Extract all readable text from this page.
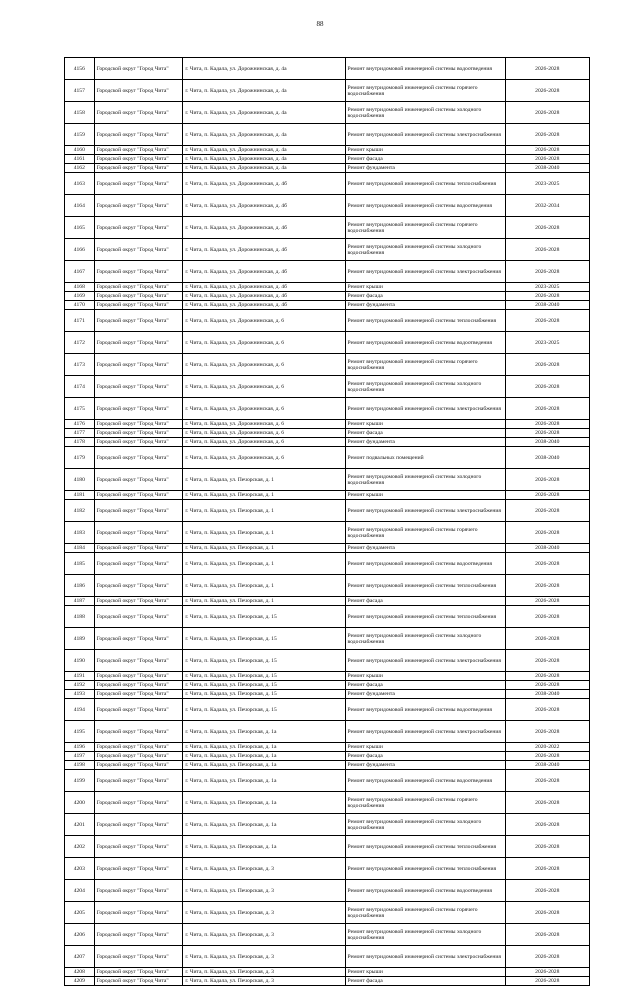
88
4156	Городской округ "Город Чита"	г. Чита, п. Кадала, ул. Дорожнинская, д. 4а	Ремонт внутридомовой инженерной системы водоотведения	2026-2028
4157	Городской округ "Город Чита"	г. Чита, п. Кадала, ул. Дорожнинская, д. 4а	Ремонт внутридомовой инженерной системы горячего водоснабжения	2026-2028
4158	Городской округ "Город Чита"	г. Чита, п. Кадала, ул. Дорожнинская, д. 4а	Ремонт внутридомовой инженерной системы холодного водоснабжения	2026-2028
4159	Городской округ "Город Чита"	г. Чита, п. Кадала, ул. Дорожнинская, д. 4а	Ремонт внутридомовой инженерной системы электроснабжения	2026-2028
4160	Городской округ "Город Чита"	г. Чита, п. Кадала, ул. Дорожнинская, д. 4а	Ремонт крыши	2026-2028
4161	Городской округ "Город Чита"	г. Чита, п. Кадала, ул. Дорожнинская, д. 4а	Ремонт фасада	2026-2028
4162	Городской округ "Город Чита"	г. Чита, п. Кадала, ул. Дорожнинская, д. 4а	Ремонт фундамента	2038-2040
4163	Городской округ "Город Чита"	г. Чита, п. Кадала, ул. Дорожнинская, д. 4б	Ремонт внутридомовой инженерной системы теплоснабжения	2023-2025
4164	Городской округ "Город Чита"	г. Чита, п. Кадала, ул. Дорожнинская, д. 4б	Ремонт внутридомовой инженерной системы водоотведения	2032-2034
4165	Городской округ "Город Чита"	г. Чита, п. Кадала, ул. Дорожнинская, д. 4б	Ремонт внутридомовой инженерной системы горячего водоснабжения	2026-2028
4166	Городской округ "Город Чита"	г. Чита, п. Кадала, ул. Дорожнинская, д. 4б	Ремонт внутридомовой инженерной системы холодного водоснабжения	2026-2028
4167	Городской округ "Город Чита"	г. Чита, п. Кадала, ул. Дорожнинская, д. 4б	Ремонт внутридомовой инженерной системы электроснабжения	2026-2028
4168	Городской округ "Город Чита"	г. Чита, п. Кадала, ул. Дорожнинская, д. 4б	Ремонт крыши	2023-2025
4169	Городской округ "Город Чита"	г. Чита, п. Кадала, ул. Дорожнинская, д. 4б	Ремонт фасада	2026-2028
4170	Городской округ "Город Чита"	г. Чита, п. Кадала, ул. Дорожнинская, д. 4б	Ремонт фундамента	2038-2040
4171	Городской округ "Город Чита"	г. Чита, п. Кадала, ул. Дорожнинская, д. 6	Ремонт внутридомовой инженерной системы теплоснабжения	2026-2028
4172	Городской округ "Город Чита"	г. Чита, п. Кадала, ул. Дорожнинская, д. 6	Ремонт внутридомовой инженерной системы водоотведения	2023-2025
4173	Городской округ "Город Чита"	г. Чита, п. Кадала, ул. Дорожнинская, д. 6	Ремонт внутридомовой инженерной системы горячего водоснабжения	2026-2028
4174	Городской округ "Город Чита"	г. Чита, п. Кадала, ул. Дорожнинская, д. 6	Ремонт внутридомовой инженерной системы холодного водоснабжения	2026-2028
4175	Городской округ "Город Чита"	г. Чита, п. Кадала, ул. Дорожнинская, д. 6	Ремонт внутридомовой инженерной системы электроснабжения	2026-2028
4176	Городской округ "Город Чита"	г. Чита, п. Кадала, ул. Дорожнинская, д. 6	Ремонт крыши	2026-2028
4177	Городской округ "Город Чита"	г. Чита, п. Кадала, ул. Дорожнинская, д. 6	Ремонт фасада	2026-2028
4178	Городской округ "Город Чита"	г. Чита, п. Кадала, ул. Дорожнинская, д. 6	Ремонт фундамента	2038-2040
4179	Городской округ "Город Чита"	г. Чита, п. Кадала, ул. Дорожнинская, д. 6	Ремонт подвальных помещений	2038-2040
4180	Городской округ "Город Чита"	г. Чита, п. Кадала, ул. Печорская, д. 1	Ремонт внутридомовой инженерной системы холодного водоснабжения	2026-2028
4181	Городской округ "Город Чита"	г. Чита, п. Кадала, ул. Печорская, д. 1	Ремонт крыши	2026-2028
4182	Городской округ "Город Чита"	г. Чита, п. Кадала, ул. Печорская, д. 1	Ремонт внутридомовой инженерной системы электроснабжения	2026-2028
4183	Городской округ "Город Чита"	г. Чита, п. Кадала, ул. Печорская, д. 1	Ремонт внутридомовой инженерной системы горячего водоснабжения	2026-2028
4184	Городской округ "Город Чита"	г. Чита, п. Кадала, ул. Печорская, д. 1	Ремонт фундамента	2038-2040
4185	Городской округ "Город Чита"	г. Чита, п. Кадала, ул. Печорская, д. 1	Ремонт внутридомовой инженерной системы водоотведения	2026-2028
4186	Городской округ "Город Чита"	г. Чита, п. Кадала, ул. Печорская, д. 1	Ремонт внутридомовой инженерной системы теплоснабжения	2026-2028
4187	Городской округ "Город Чита"	г. Чита, п. Кадала, ул. Печорская, д. 1	Ремонт фасада	2026-2028
4188	Городской округ "Город Чита"	г. Чита, п. Кадала, ул. Печорская, д. 15	Ремонт внутридомовой инженерной системы теплоснабжения	2026-2028
4189	Городской округ "Город Чита"	г. Чита, п. Кадала, ул. Печорская, д. 15	Ремонт внутридомовой инженерной системы холодного водоснабжения	2026-2028
4190	Городской округ "Город Чита"	г. Чита, п. Кадала, ул. Печорская, д. 15	Ремонт внутридомовой инженерной системы электроснабжения	2026-2028
4191	Городской округ "Город Чита"	г. Чита, п. Кадала, ул. Печорская, д. 15	Ремонт крыши	2026-2028
4192	Городской округ "Город Чита"	г. Чита, п. Кадала, ул. Печорская, д. 15	Ремонт фасада	2026-2028
4193	Городской округ "Город Чита"	г. Чита, п. Кадала, ул. Печорская, д. 15	Ремонт фундамента	2038-2040
4194	Городской округ "Город Чита"	г. Чита, п. Кадала, ул. Печорская, д. 15	Ремонт внутридомовой инженерной системы водоотведения	2026-2028
4195	Городской округ "Город Чита"	г. Чита, п. Кадала, ул. Печорская, д. 1а	Ремонт внутридомовой инженерной системы электроснабжения	2026-2028
4196	Городской округ "Город Чита"	г. Чита, п. Кадала, ул. Печорская, д. 1а	Ремонт крыши	2020-2022
4197	Городской округ "Город Чита"	г. Чита, п. Кадала, ул. Печорская, д. 1а	Ремонт фасада	2026-2028
4198	Городской округ "Город Чита"	г. Чита, п. Кадала, ул. Печорская, д. 1а	Ремонт фундамента	2038-2040
4199	Городской округ "Город Чита"	г. Чита, п. Кадала, ул. Печорская, д. 1а	Ремонт внутридомовой инженерной системы водоотведения	2026-2028
4200	Городской округ "Город Чита"	г. Чита, п. Кадала, ул. Печорская, д. 1а	Ремонт внутридомовой инженерной системы горячего водоснабжения	2026-2028
4201	Городской округ "Город Чита"	г. Чита, п. Кадала, ул. Печорская, д. 1а	Ремонт внутридомовой инженерной системы холодного водоснабжения	2026-2028
4202	Городской округ "Город Чита"	г. Чита, п. Кадала, ул. Печорская, д. 1а	Ремонт внутридомовой инженерной системы теплоснабжения	2026-2028
4203	Городской округ "Город Чита"	г. Чита, п. Кадала, ул. Печорская, д. 3	Ремонт внутридомовой инженерной системы теплоснабжения	2026-2028
4204	Городской округ "Город Чита"	г. Чита, п. Кадала, ул. Печорская, д. 3	Ремонт внутридомовой инженерной системы водоотведения	2026-2028
4205	Городской округ "Город Чита"	г. Чита, п. Кадала, ул. Печорская, д. 3	Ремонт внутридомовой инженерной системы горячего водоснабжения	2026-2028
4206	Городской округ "Город Чита"	г. Чита, п. Кадала, ул. Печорская, д. 3	Ремонт внутридомовой инженерной системы холодного водоснабжения	2026-2028
4207	Городской округ "Город Чита"	г. Чита, п. Кадала, ул. Печорская, д. 3	Ремонт внутридомовой инженерной системы электроснабжения	2026-2028
4208	Городской округ "Город Чита"	г. Чита, п. Кадала, ул. Печорская, д. 3	Ремонт крыши	2026-2028
4209	Городской округ "Город Чита"	г. Чита, п. Кадала, ул. Печорская, д. 3	Ремонт фасада	2026-2028
